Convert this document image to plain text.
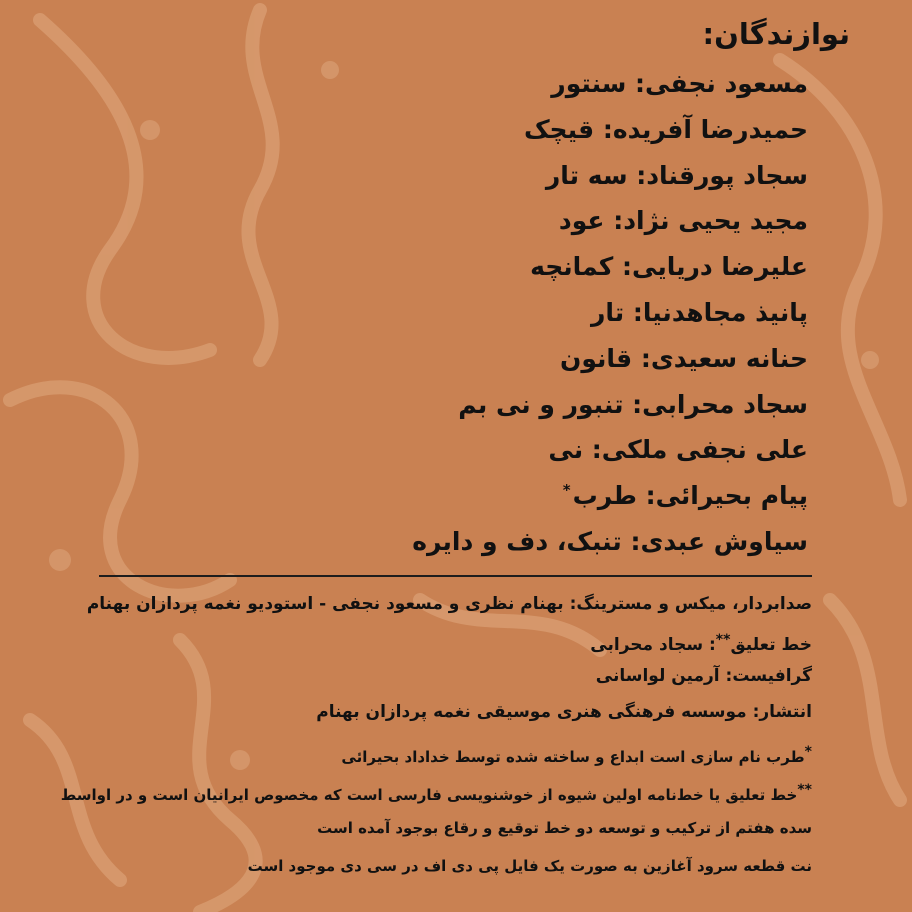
نوازندگان:
مسعود نجفی: سنتور
حمیدرضا آفریده: قیچک
سجاد پورقناد: سه تار
مجید یحیی نژاد: عود
علیرضا دریایی: کمانچه
پانیذ مجاهدنیا: تار
حنانه سعیدی: قانون
سجاد محرابی: تنبور و نی بم
علی نجفی ملکی: نی
پیام بحیرائی: طرب*
سیاوش عبدی: تنبک، دف و دایره
صدابردار، میکس و مسترینگ: بهنام نظری و مسعود نجفی - استودیو نغمه پردازان بهنام
خط تعلیق**: سجاد محرابی
گرافیست: آرمین لواسانی
انتشار: موسسه فرهنگی هنری موسیقی نغمه پردازان بهنام
*طرب نام سازی است ابداع و ساخته شده توسط خداداد بحیرائی
**خط تعلیق یا خط‌نامه اولین شیوه از خوشنویسی فارسی است که مخصوص ایرانیان است و در اواسط
سده هفتم از ترکیب و توسعه دو خط توقیع و رقاع بوجود آمده است
نت قطعه سرود آغازین به صورت یک فایل پی دی اف در سی دی موجود است
